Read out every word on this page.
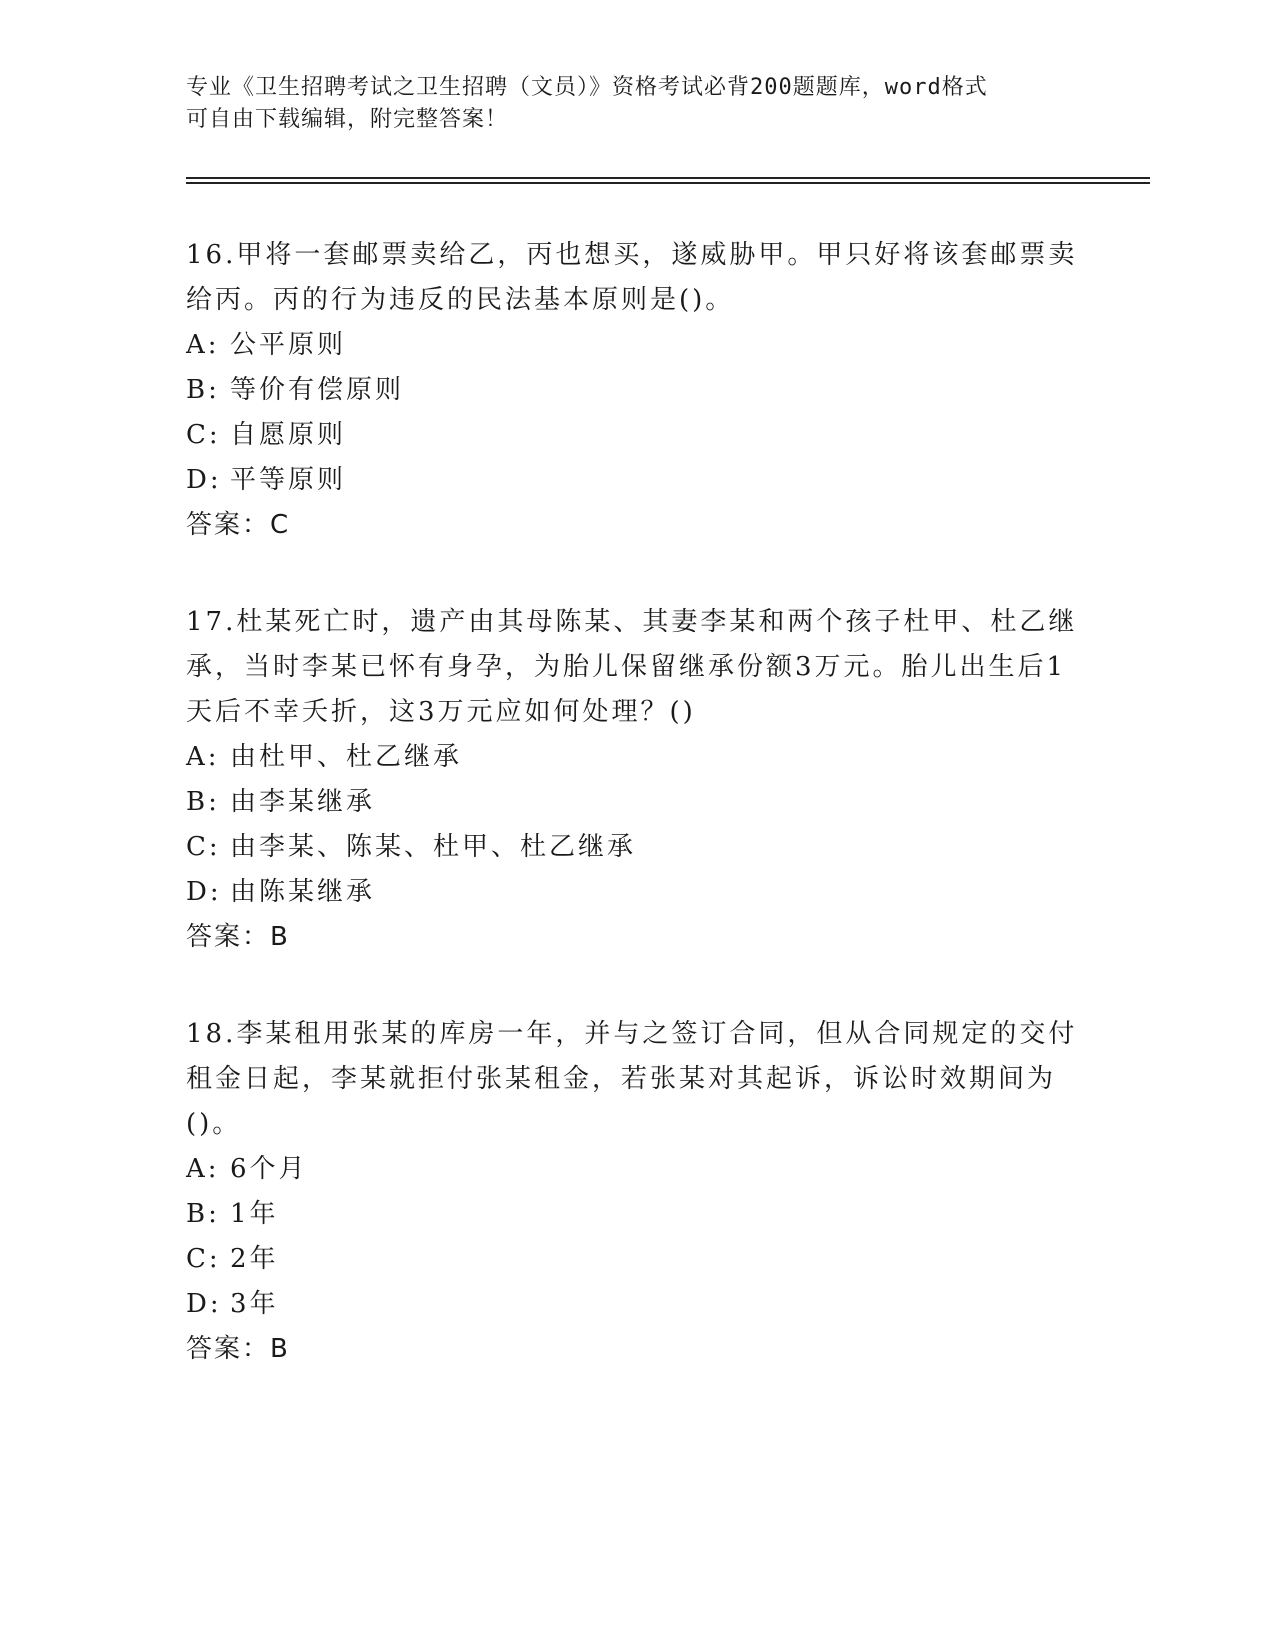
专业《卫生招聘考试之卫生招聘（文员）》资格考试必背200题题库，word格式
可自由下载编辑，附完整答案！

16.甲将一套邮票卖给乙，丙也想买，遂威胁甲。甲只好将该套邮票卖给丙。丙的行为违反的民法基本原则是()。

A: 公平原则

B: 等价有偿原则

C: 自愿原则

D: 平等原则

答案：C

17.杜某死亡时，遗产由其母陈某、其妻李某和两个孩子杜甲、杜乙继承，当时李某已怀有身孕，为胎儿保留继承份额3万元。胎儿出生后1天后不幸夭折，这3万元应如何处理？()

A: 由杜甲、杜乙继承

B: 由李某继承

C: 由李某、陈某、杜甲、杜乙继承

D: 由陈某继承

答案：B

18.李某租用张某的库房一年，并与之签订合同，但从合同规定的交付租金日起，李某就拒付张某租金，若张某对其起诉，诉讼时效期间为()。

A: 6个月

B: 1年

C: 2年

D: 3年

答案：B
